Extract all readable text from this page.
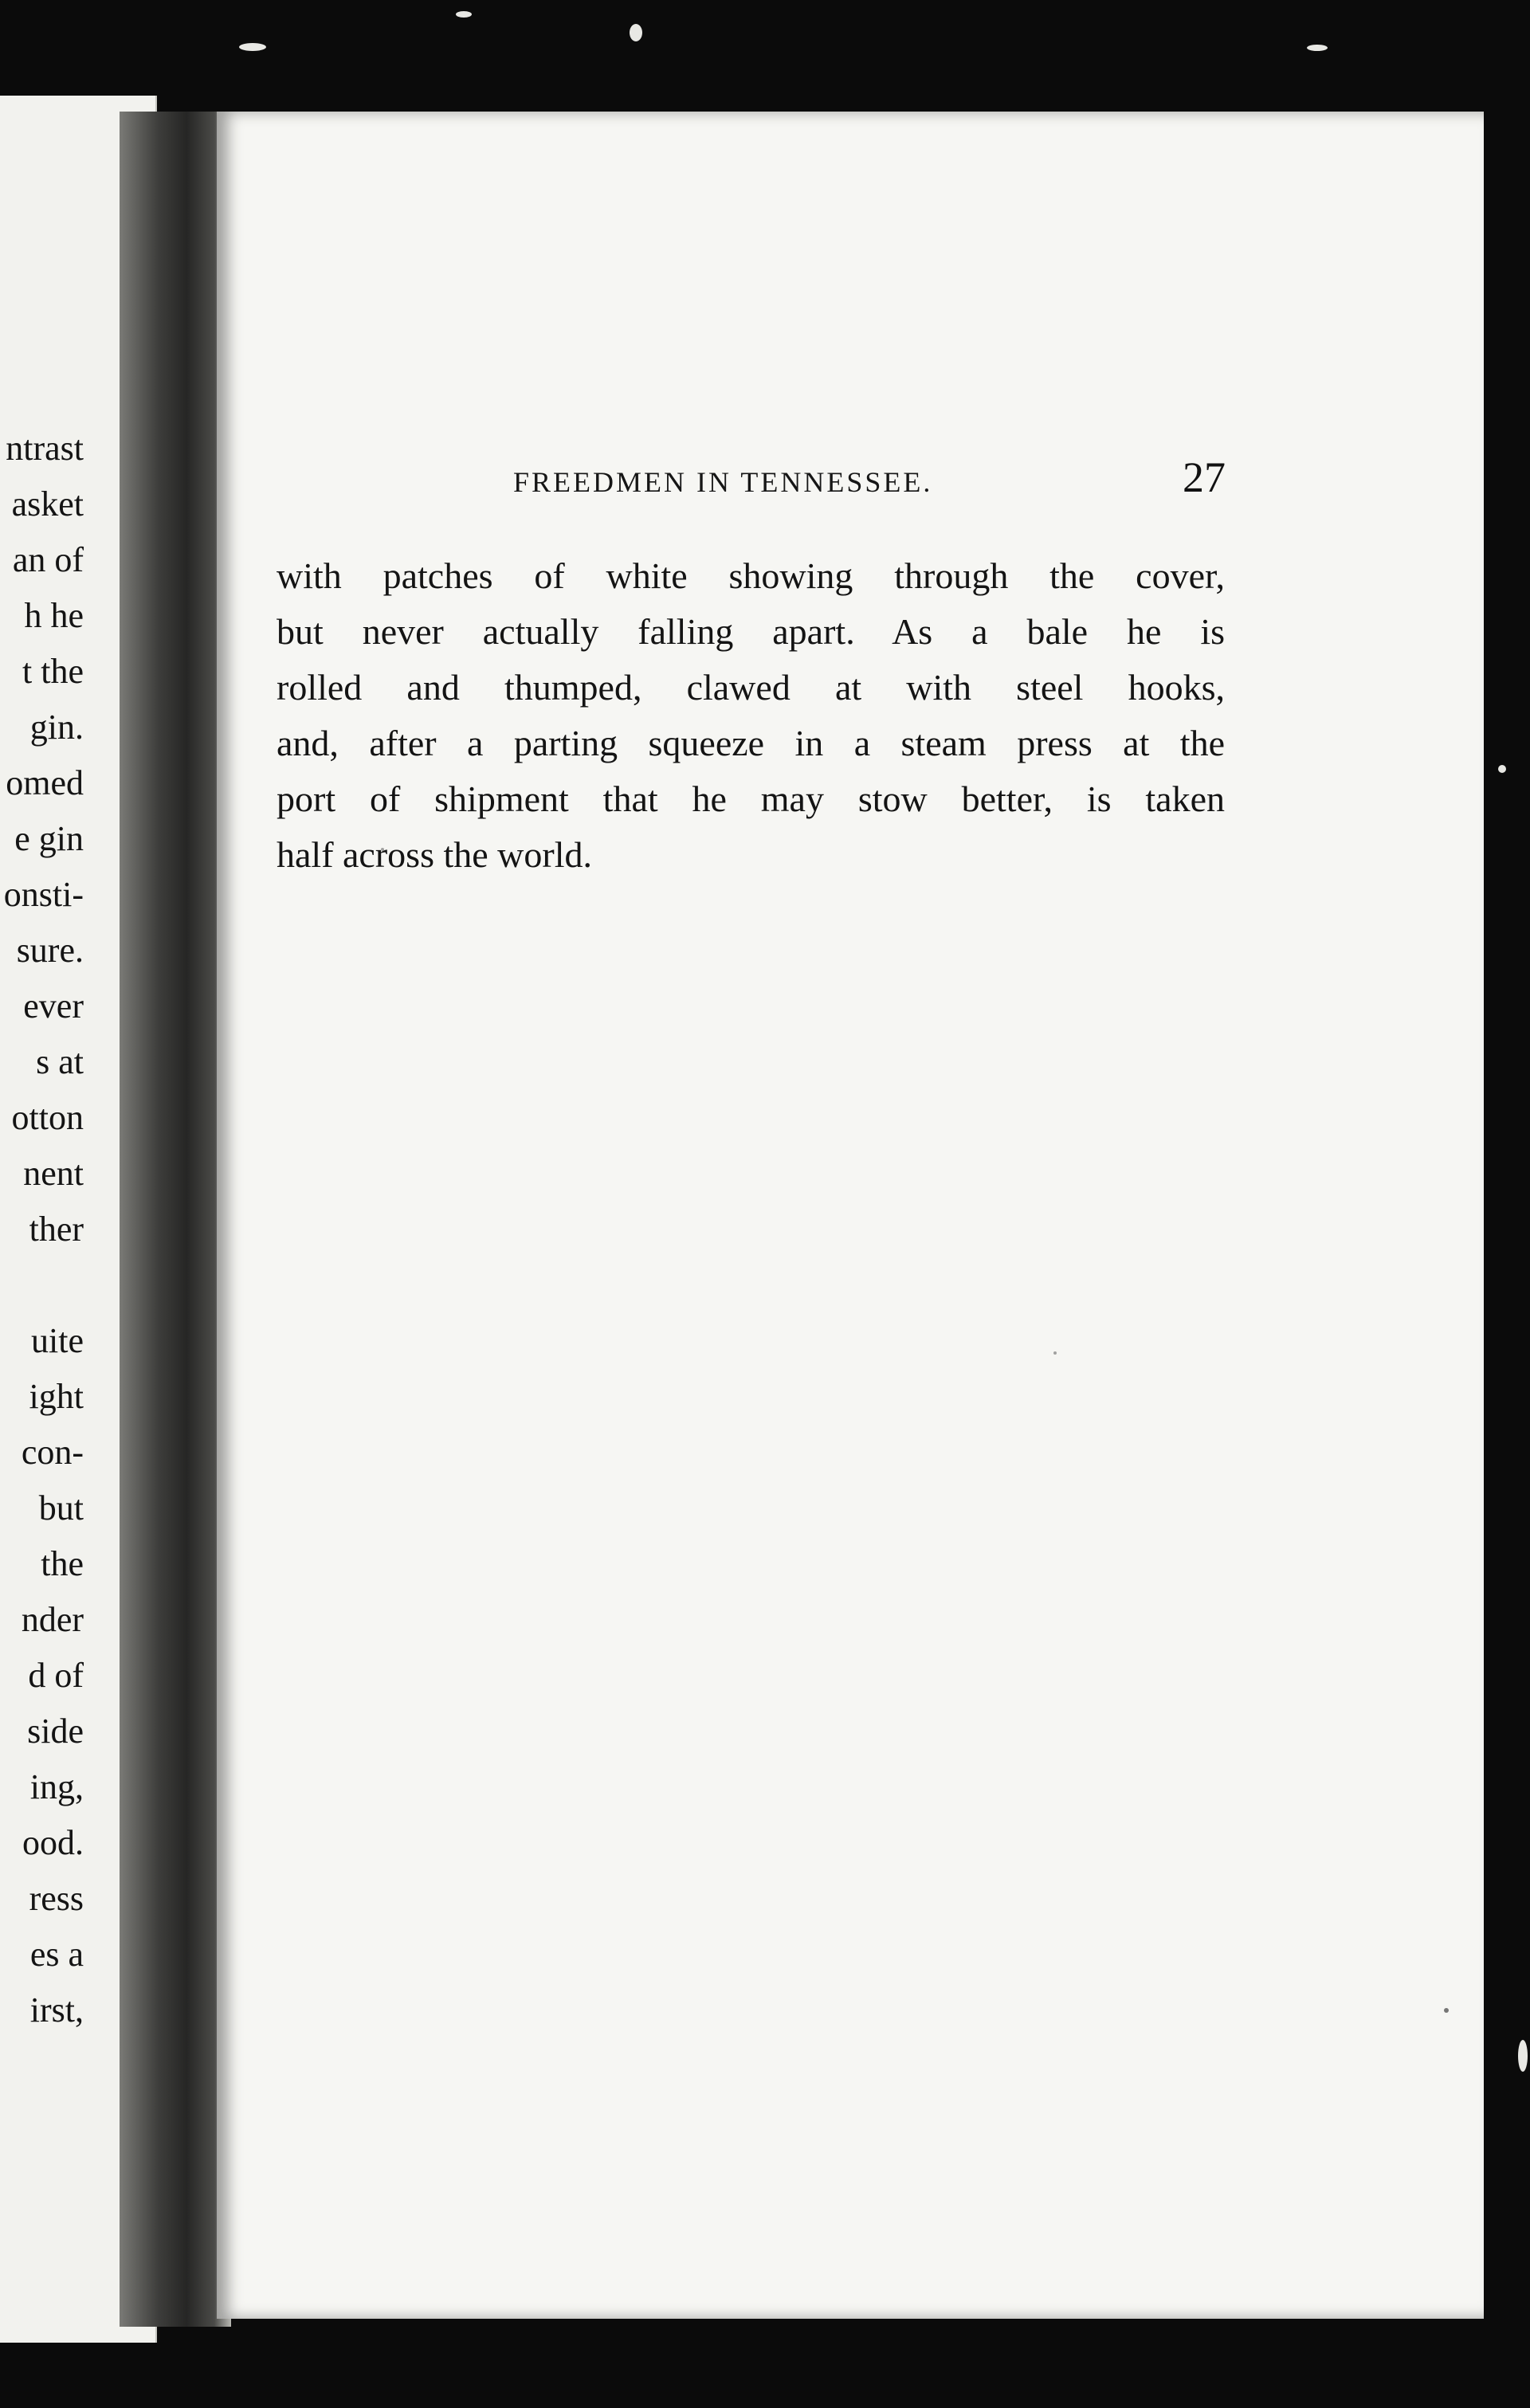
ntrast
asket
an of
h he
t the
gin.
omed
e gin
onsti-
sure.
ever
s at
otton
nent
ther
uite
ight
con-
but
the
nder
d of
side
ing,
ood.
ress
es a
irst,
FREEDMEN IN TENNESSEE.	27
with patches of white showing through the cover,
but never actually falling apart. As a bale he is
rolled and thumped, clawed at with steel hooks,
and, after a parting squeeze in a steam press at the
port of shipment that he may stow better, is taken
half across the world.
